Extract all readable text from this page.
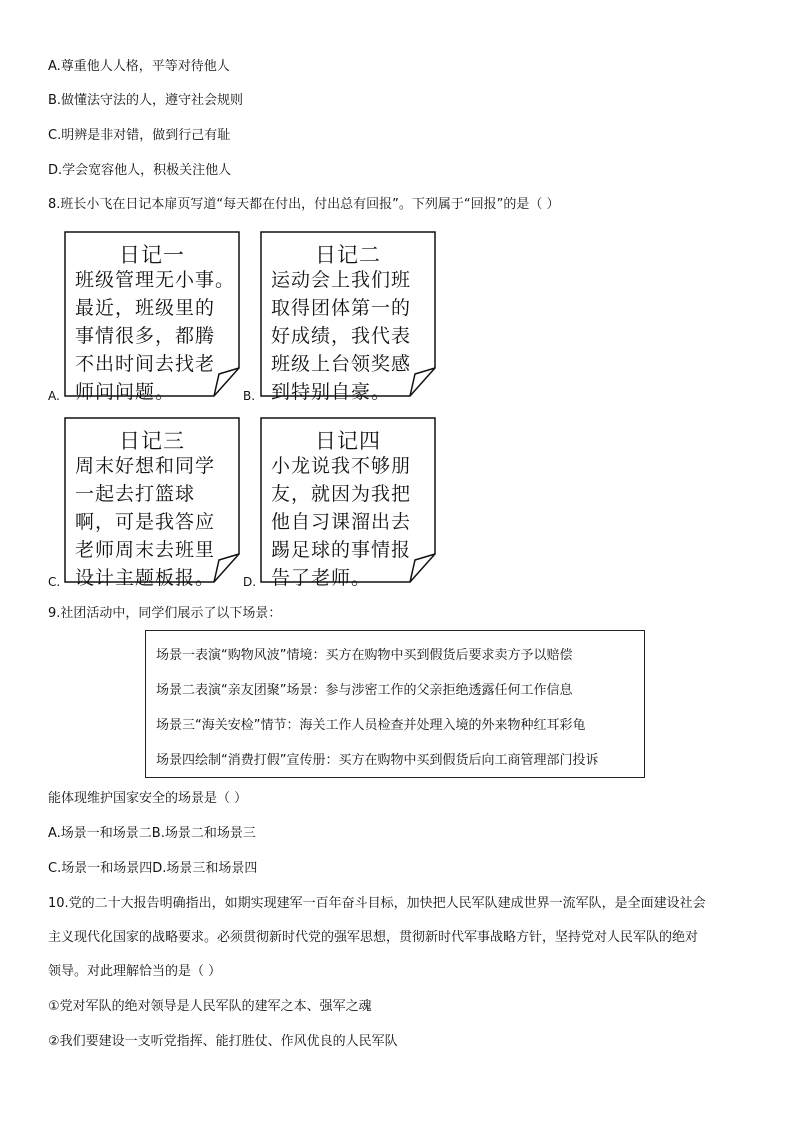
A.尊重他人人格，平等对待他人
B.做懂法守法的人，遵守社会规则
C.明辨是非对错，做到行己有耻
D.学会宽容他人，积极关注他人
8.班长小飞在日记本扉页写道“每天都在付出，付出总有回报”。下列属于“回报”的是（ ）
日记一
班级管理无小事。
最近，班级里的
事情很多，都腾
不出时间去找老
师问问题。
A.
日记二
运动会上我们班
取得团体第一的
好成绩，我代表
班级上台领奖感
到特别自豪。
B.
日记三
周末好想和同学
一起去打篮球
啊，可是我答应
老师周末去班里
设计主题板报。
C.
日记四
小龙说我不够朋
友，就因为我把
他自习课溜出去
踢足球的事情报
告了老师。
D.
9.社团活动中，同学们展示了以下场景：
场景一表演“购物风波”情境：买方在购物中买到假货后要求卖方予以赔偿
场景二表演“亲友团聚”场景：参与涉密工作的父亲拒绝透露任何工作信息
场景三“海关安检”情节：海关工作人员检查并处理入境的外来物种红耳彩龟
场景四绘制“消费打假”宣传册：买方在购物中买到假货后向工商管理部门投诉
能体现维护国家安全的场景是（ ）
A.场景一和场景二B.场景二和场景三
C.场景一和场景四D.场景三和场景四
10.党的二十大报告明确指出，如期实现建军一百年奋斗目标，加快把人民军队建成世界一流军队，是全面建设社会
主义现代化国家的战略要求。必须贯彻新时代党的强军思想，贯彻新时代军事战略方针，坚持党对人民军队的绝对
领导。对此理解恰当的是（ ）
①党对军队的绝对领导是人民军队的建军之本、强军之魂
②我们要建设一支听党指挥、能打胜仗、作风优良的人民军队
